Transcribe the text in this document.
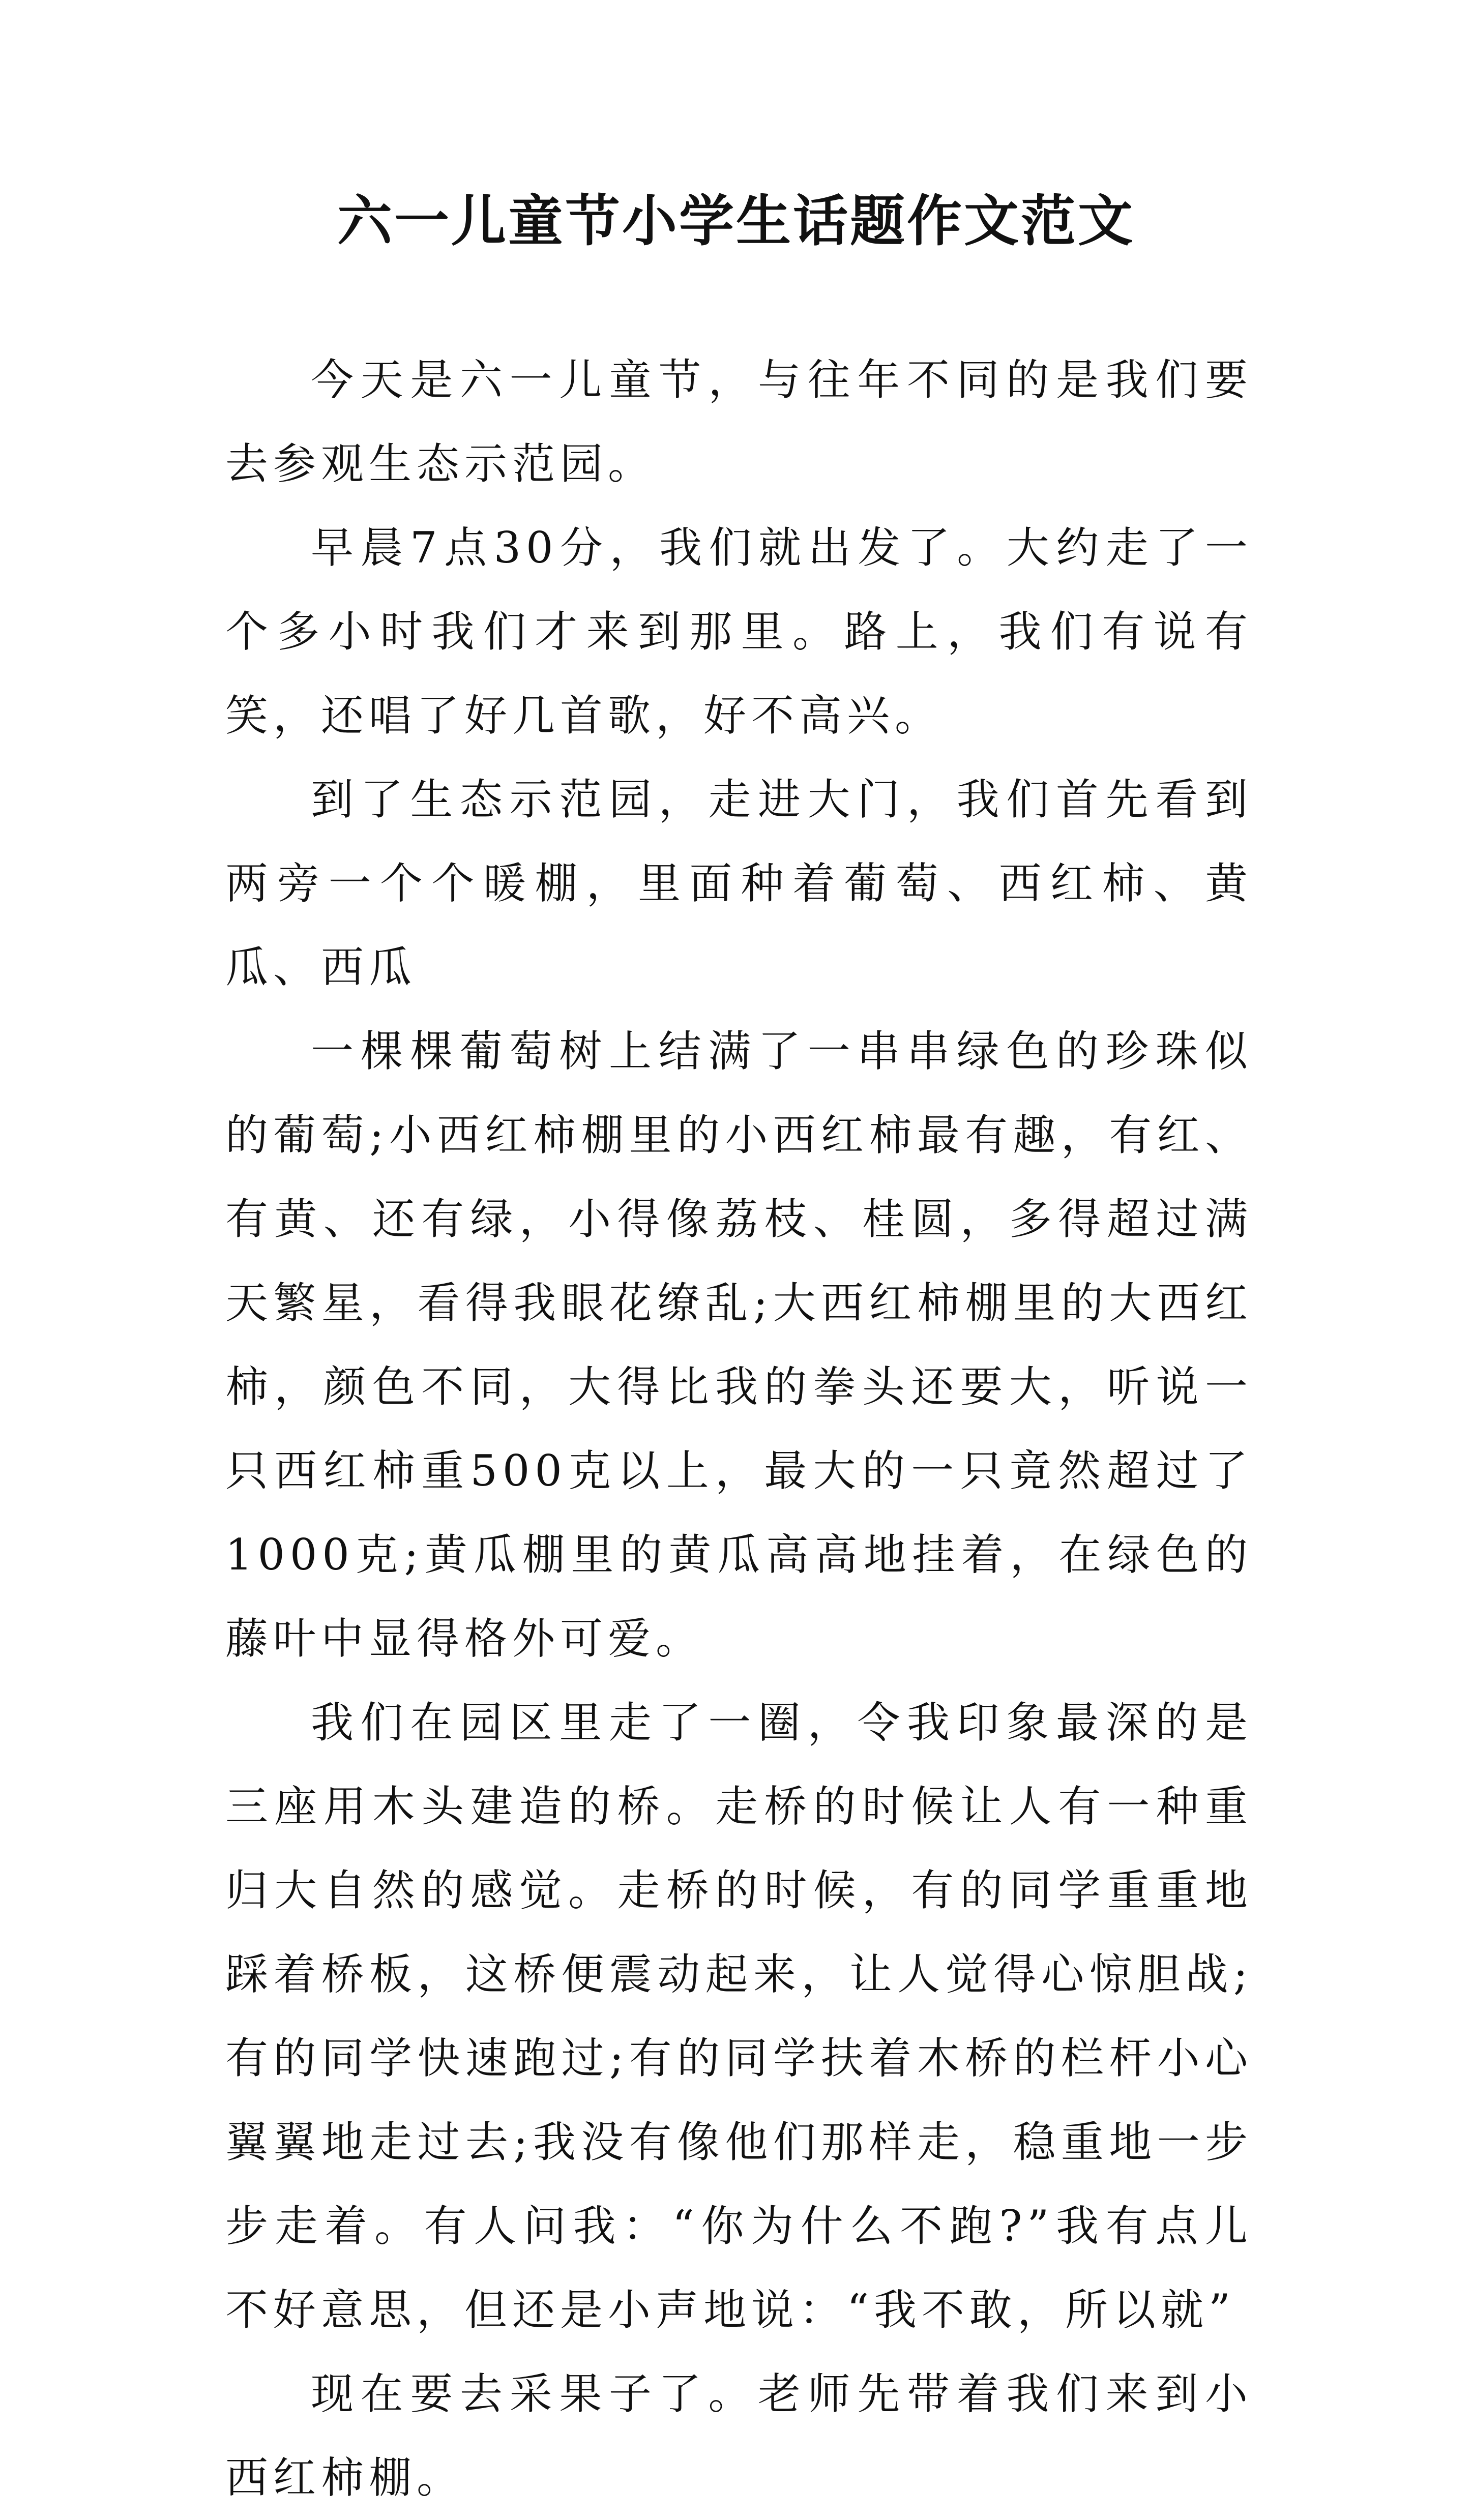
六一儿童节小学生话题作文范文

今天是六一儿童节，与往年不同的是我们要去参观生态示范园。

早晨7点30分，我们就出发了。大约走了一个多小时我们才来到那里。路上，我们有说有笑，还唱了好几首歌，好不高兴。

到了生态示范园，走进大门，我们首先看到两旁一个个暖棚，里面种着葡萄、西红柿、黄瓜、西瓜

一棵棵葡萄树上结满了一串串绿色的珍珠似的葡萄;小西红柿棚里的小西红柿最有趣，有红、有黄、还有绿，小得像荔枝、桂圆，多得超过满天繁星，看得我眼花缭乱;大西红柿棚里的大西红柿，颜色不同，大得比我的拳头还要大，听说一只西红柿重500克以上，最大的一只竟然超过了1000克;黄瓜棚里的黄瓜高高地挂着，在绿色的藤叶中显得格外可爱。

我们在园区里走了一圈，令我印象最深的是三座用木头建造的桥。走桥的时候让人有一种重归大自然的感觉。走桥的时候，有的同学重重地踩着桥板，这桥便震动起来，让人觉得心惊胆战;有的同学快速跑过;有的同学扶着木桥的栏杆小心翼翼地走过去;我没有像他们那样走，稳重地一步步走着。有人问我：“你为什么不跑?”我有点儿不好意思，但还是小声地说：“我不敢，所以就”

现在要去采果子了。老师先带着我们来到小西红柿棚。
